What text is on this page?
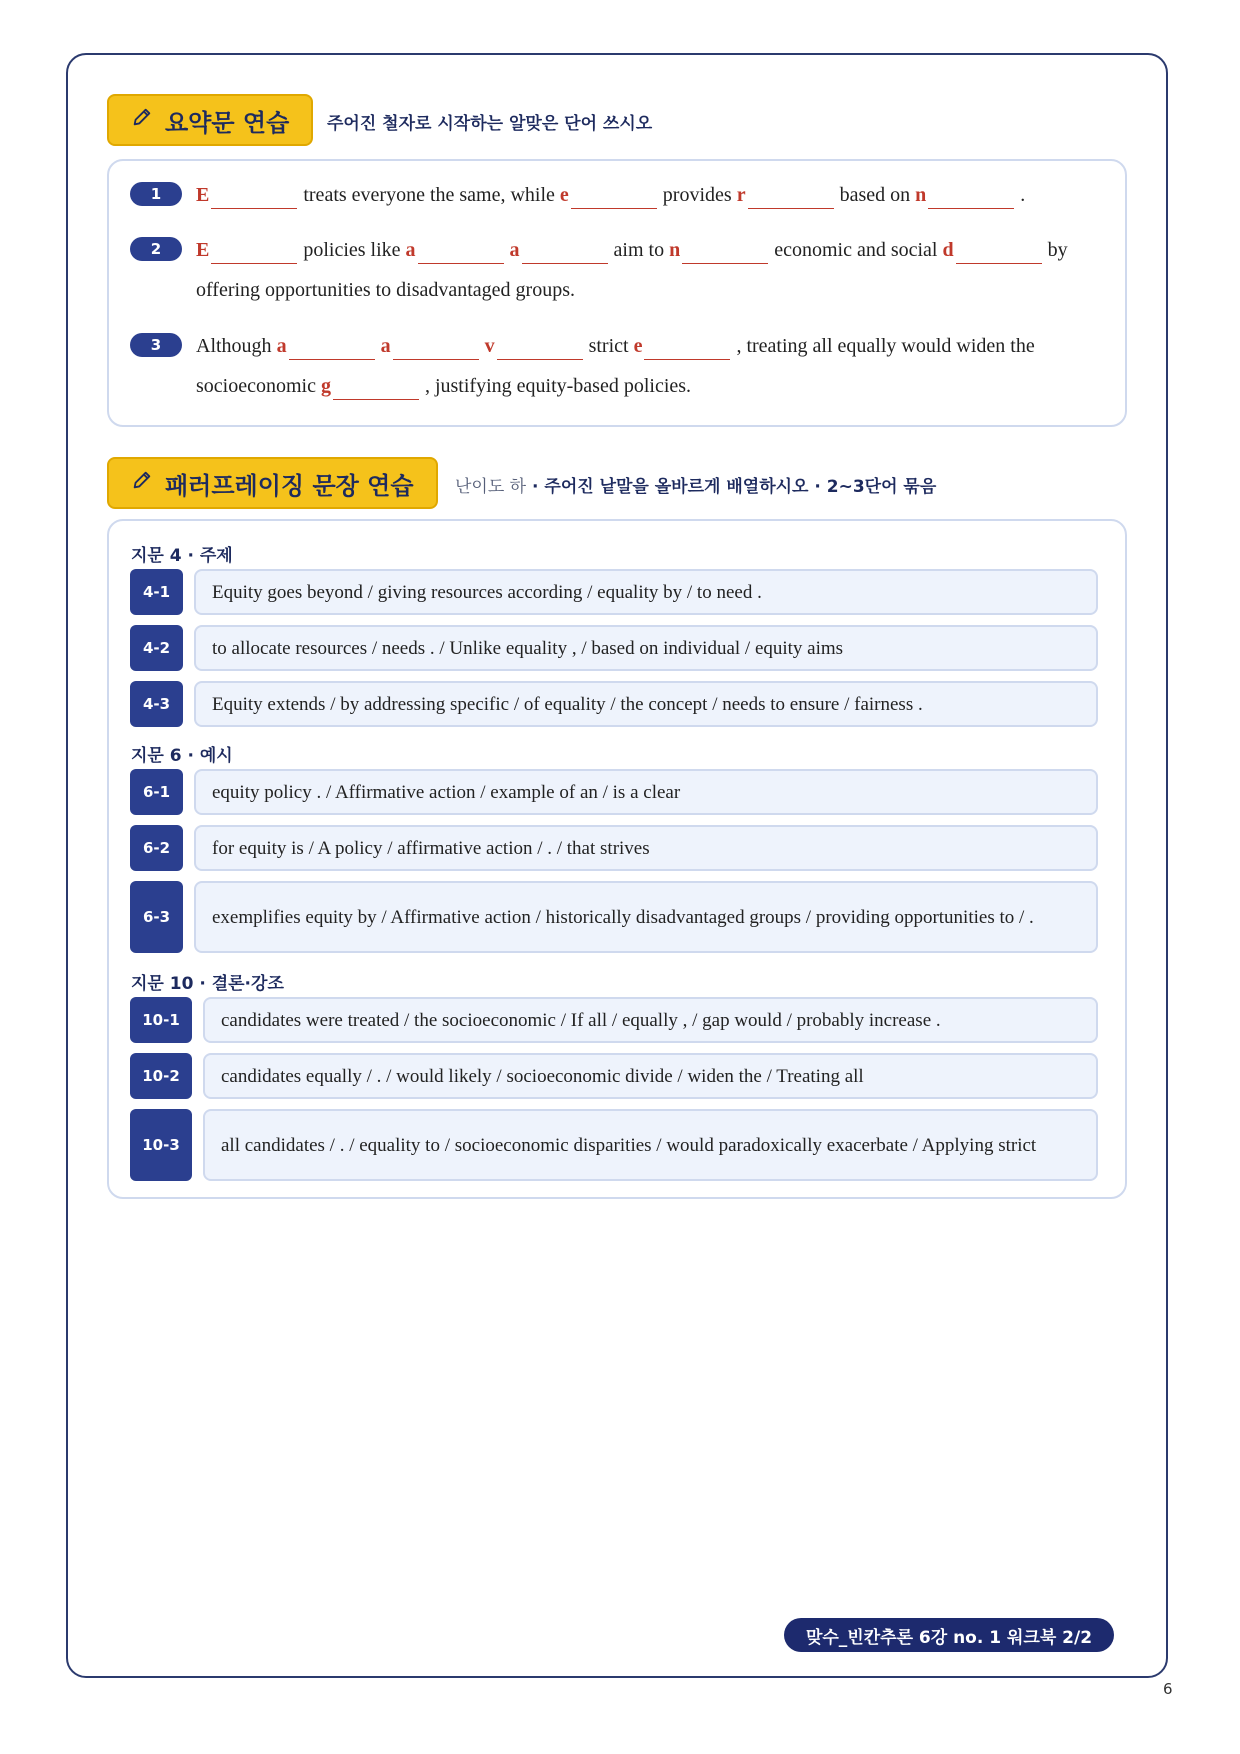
요약문 연습 주어진 철자로 시작하는 알맞은 단어 쓰시오
1	E	treats everyone the same, while e	provides r	based on n	.
2	E	policies like a	a	aim to n	economic and social d	by offering opportunities to disadvantaged groups.
3	Although a	a	v	strict e	, treating all equally would widen the socioeconomic g	, justifying equity-based policies.
패러프레이징 문장 연습 난이도 하 · 주어진 낱말을 올바르게 배열하시오 · 2~3단어 묶음
지문 4 · 주제
4-1	Equity goes beyond / giving resources according / equality by / to need .
4-2	to allocate resources / needs . / Unlike equality , / based on individual / equity aims
4-3	Equity extends / by addressing specific / of equality / the concept / needs to ensure / fairness .
지문 6 · 예시
6-1	equity policy . / Affirmative action / example of an / is a clear
6-2	for equity is / A policy / affirmative action / . / that strives
6-3	exemplifies equity by / Affirmative action / historically disadvantaged groups / providing opportunities to / .
지문 10 · 결론·강조
10-1	candidates were treated / the socioeconomic / If all / equally , / gap would / probably increase .
10-2	candidates equally / . / would likely / socioeconomic divide / widen the / Treating all
10-3	all candidates / . / equality to / socioeconomic disparities / would paradoxically exacerbate / Applying strict
맞수_빈칸추론 6강 no. 1 워크북 2/2
6
